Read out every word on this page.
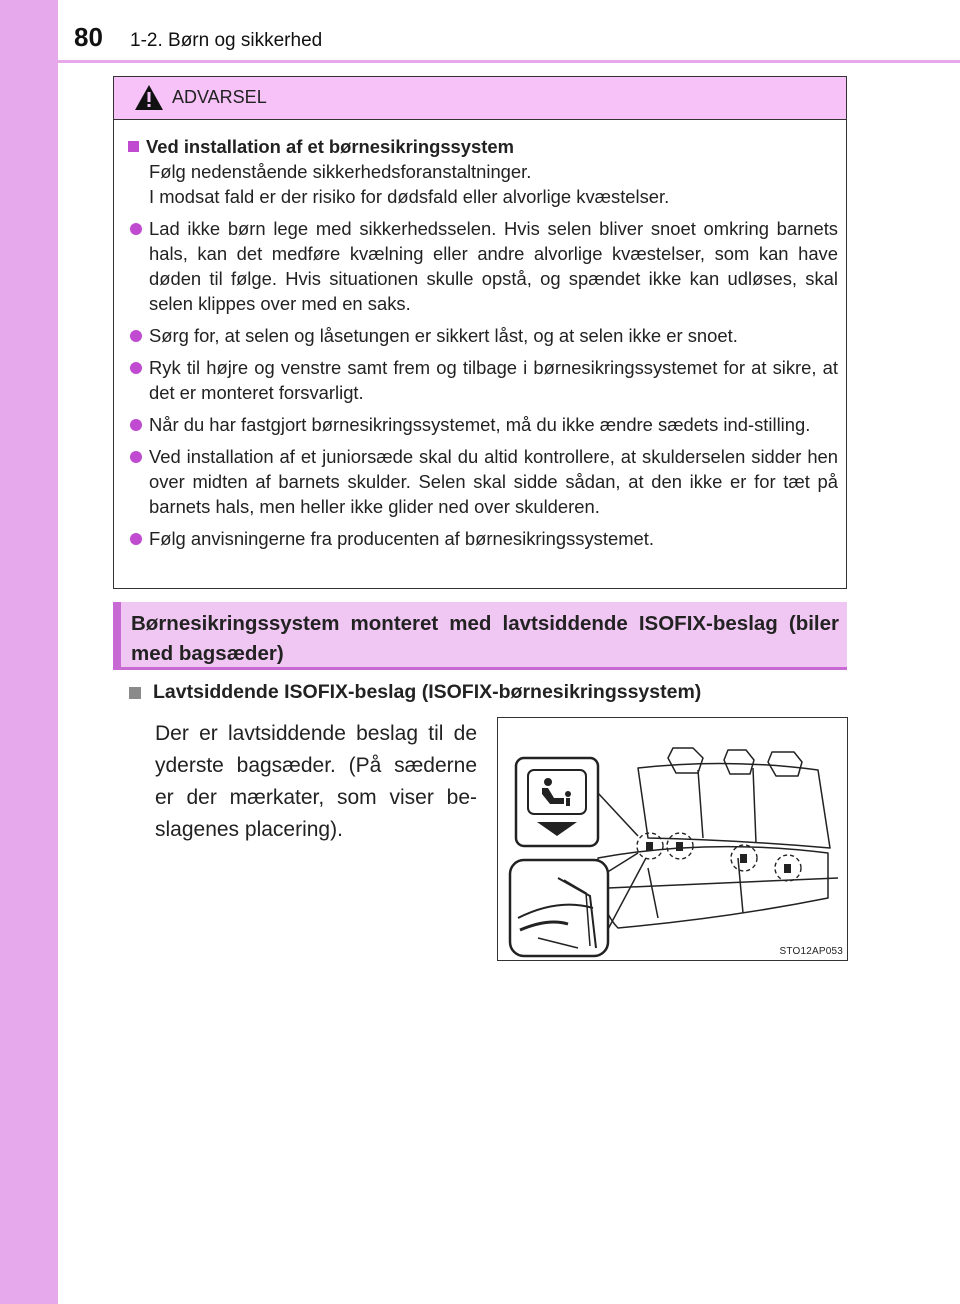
80 1-2. Børn og sikkerhed
ADVARSEL
Ved installation af et børnesikringssystem
Følg nedenstående sikkerhedsforanstaltninger.
I modsat fald er der risiko for dødsfald eller alvorlige kvæstelser.
Lad ikke børn lege med sikkerhedsselen. Hvis selen bliver snoet omkring barnets hals, kan det medføre kvælning eller andre alvorlige kvæstelser, som kan have døden til følge. Hvis situationen skulle opstå, og spændet ikke kan udløses, skal selen klippes over med en saks.
Sørg for, at selen og låsetungen er sikkert låst, og at selen ikke er snoet.
Ryk til højre og venstre samt frem og tilbage i børnesikringssystemet for at sikre, at det er monteret forsvarligt.
Når du har fastgjort børnesikringssystemet, må du ikke ændre sædets ind-stilling.
Ved installation af et juniorsæde skal du altid kontrollere, at skulderselen sidder hen over midten af barnets skulder. Selen skal sidde sådan, at den ikke er for tæt på barnets hals, men heller ikke glider ned over skulderen.
Følg anvisningerne fra producenten af børnesikringssystemet.
Børnesikringssystem monteret med lavtsiddende ISOFIX-beslag (biler med bagsæder)
Lavtsiddende ISOFIX-beslag (ISOFIX-børnesikringssystem)
Der er lavtsiddende beslag til de yderste bagsæder. (På sæderne er der mærkater, som viser be-slagenes placering).
STO12AP053
